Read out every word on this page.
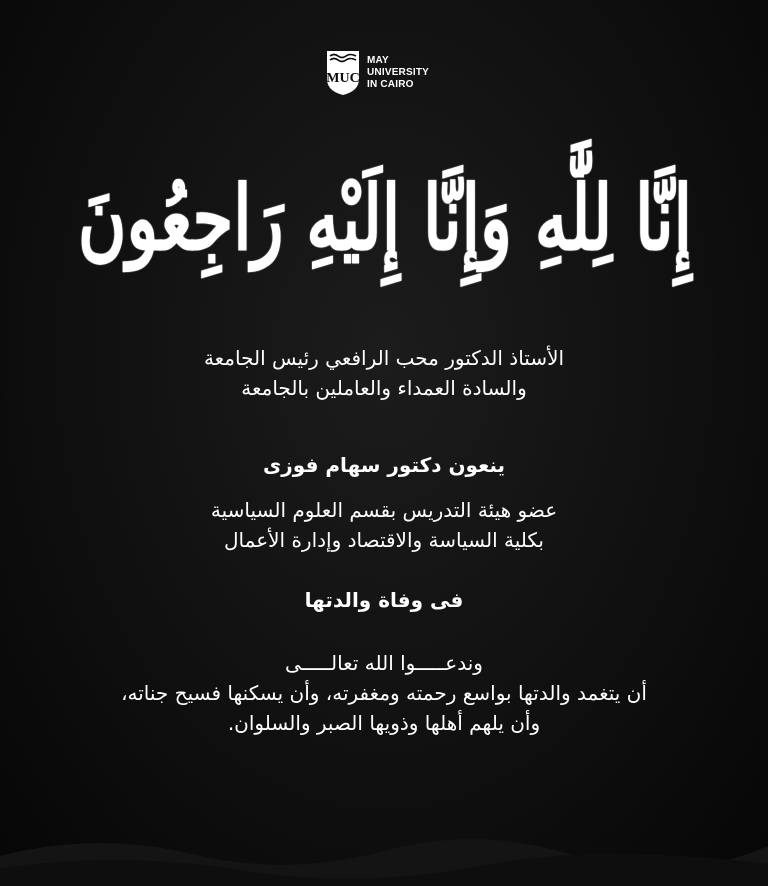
MUC
MAY
UNIVERSITY
IN CAIRO
إِنَّا لِلَّٰهِ وَإِنَّا إِلَيْهِ رَاجِعُونَ
الأستاذ الدكتور محب الرافعي رئيس الجامعة
والسادة العمداء والعاملين بالجامعة
ينعون دكتور سهام فوزى
عضو هيئة التدريس بقسم العلوم السياسية
بكلية السياسة والاقتصاد وإدارة الأعمال
فى وفاة والدتها
وندعـــــوا الله تعالـــــى
أن يتغمد والدتها بواسع رحمته ومغفرته، وأن يسكنها فسيح جناته،
وأن يلهم أهلها وذويها الصبر والسلوان.
